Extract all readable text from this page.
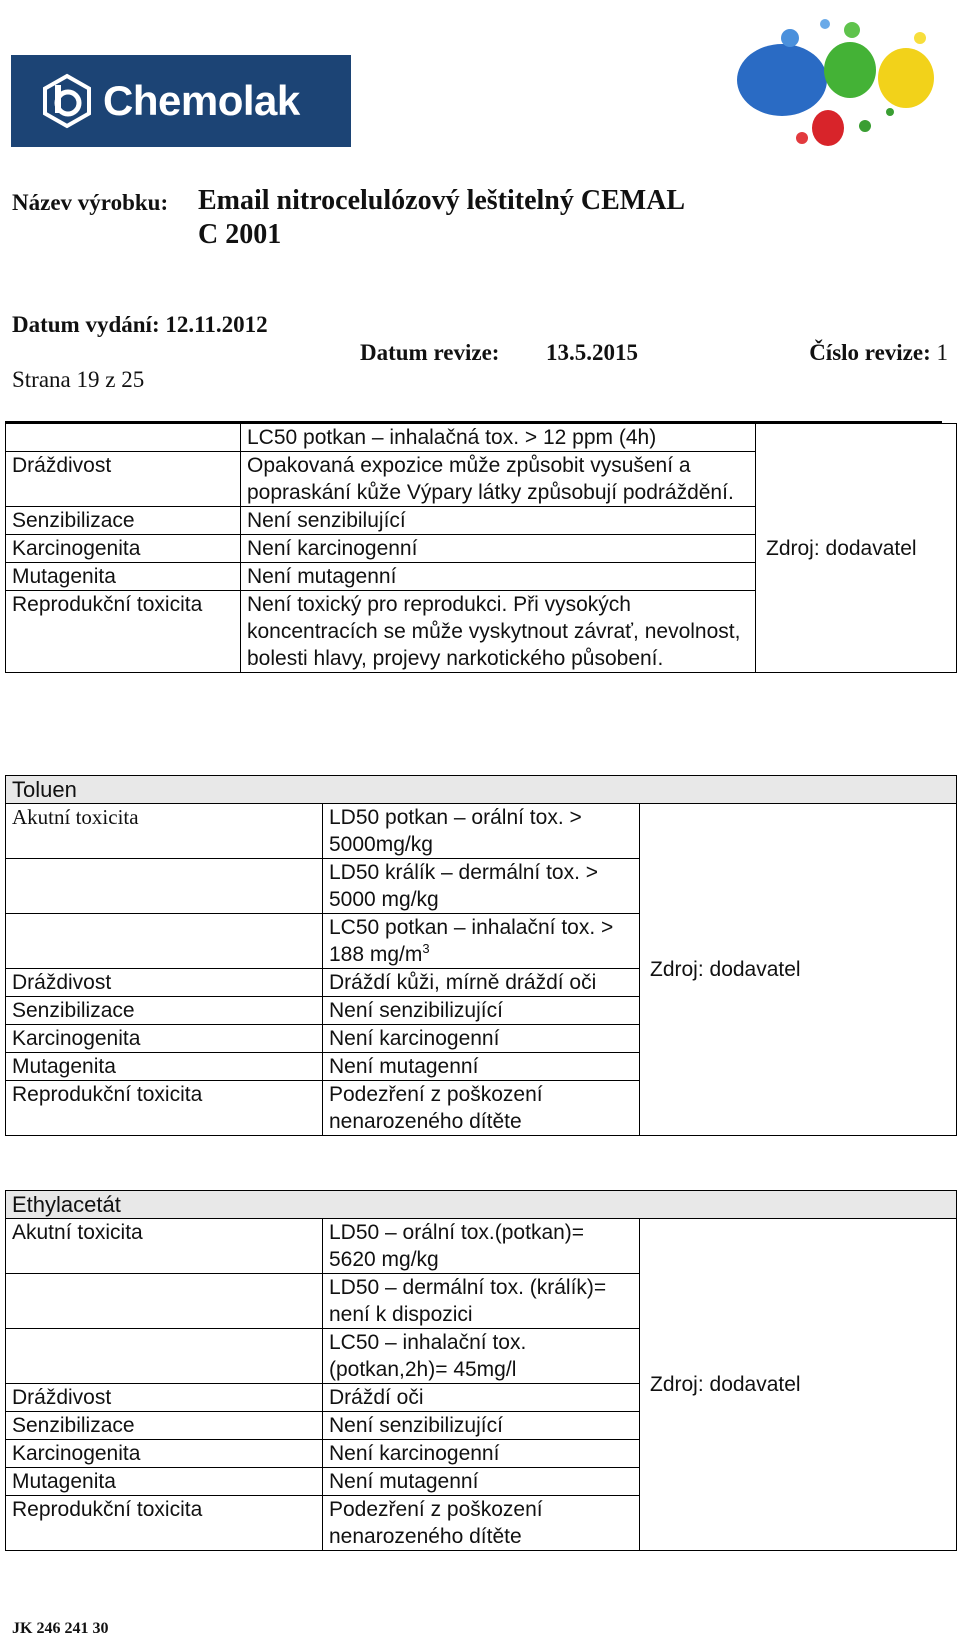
Chemolak
Název výrobku: Email nitrocelulózový leštitelný CEMAL
C 2001
Datum vydání: 12.11.2012
Strana 19 z 25
Datum revize: 13.5.2015	Číslo revize: 1
	LC50 potkan – inhalačná tox. > 12 ppm (4h)	Zdroj: dodavatel
Dráždivost	Opakovaná expozice může způsobit vysušení a popraskání kůže Výpary látky způsobují podráždění.	
Senzibilizace	Není senzibilující	
Karcinogenita	Není karcinogenní	
Mutagenita	Není mutagenní	
Reprodukční toxicita	Není toxický pro reprodukci. Při vysokých koncentracích se může vyskytnout závrať, nevolnost, bolesti hlavy, projevy narkotického působení.	
Toluen		
Akutní toxicita	LD50 potkan – orální tox. > 5000mg/kg	Zdroj: dodavatel
	LD50 králík – dermální tox. > 5000 mg/kg	
	LC50 potkan – inhalační tox. > 188 $mg/m^3$
Dráždivost	Dráždí kůži, mírně dráždí oči	
Senzibilizace	Není senzibilizující	
Karcinogenita	Není karcinogenní	
Mutagenita	Není mutagenní	
Reprodukční toxicita	Podezření z poškození nenarozeného dítěte	
Ethylacetát		
Akutní toxicita	LD50 – orální tox.(potkan)= 5620 mg/kg	Zdroj: dodavatel
	LD50 – dermální tox. (králík)= není k dispozici	
	LC50 – inhalační tox.(potkan,2h)= 45mg/l	
Dráždivost	Dráždí oči	
Senzibilizace	Není senzibilizující	
Karcinogenita	Není karcinogenní	
Mutagenita	Není mutagenní	
Reprodukční toxicita	Podezření z poškození nenarozeného dítěte	
JK 246 241 30
